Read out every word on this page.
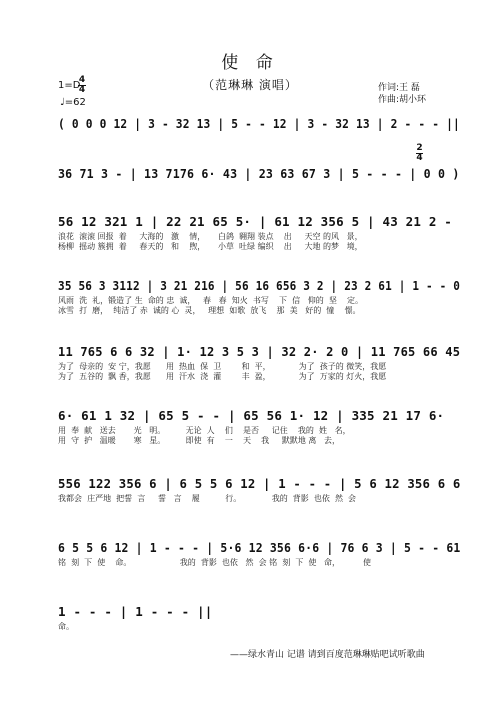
使 命
（范琳琳 演唱）
1=D
4
4
♩=62
作词:王 磊
作曲:胡小环
( 0 0 0 12 | 3 - 32 13 | 5 - - 12 | 3 - 32 13 | 2 - - - ||
2
4
36 71 3 - | 13 7176 6· 43 | 23 63 67 3 | 5 - - - | 0 0 )
56 12 321 1 | 22 21 65 5· | 61 12 356 5 | 43 21 2 -
浪花  滚滚 回报  着     大海的   激    情，     白鸽  翱翔 装点    出     天空 的风   景，
杨柳  摇动 簇拥  着     春天的   和    煦，     小草  吐绿 编织    出     大地 的梦   境，
35 56 3 3112 | 3 21 216 | 56 16 656 3 2 | 23 2 61 | 1 - - 0
风雨  洗  礼，锻造了 生  命的 忠  诚，   春   春  知火  书写    下  信   仰的  坚    定。
冰雪  打  磨，  纯洁了 赤  诚的 心  灵，   理想  如歌  放飞    那  美   好的  憧    憬。
11 765 6 6 32 | 1· 12 3 5 3 | 32 2· 2 0 | 11 765 66 45
为了  母亲的  安 宁，我愿      用  热血  保  卫        和  平，           为了  孩子的 微笑，我愿
为了  五谷的  飘 香，我愿      用  汗水  浇  灌        丰  盈，           为了  万家的 灯火，我愿
6· 61 1 32 | 65 5 - - | 65 56 1· 12 | 335 21 17 6·
用  奉  献   送去       光   明。        无论  人    们    是否     记住    我的  姓   名，
用  守  护   温暖       寒   星。        即使  有    一    天    我     默默地 离   去，
556 122 356 6 | 6 5 5 6 12 | 1 - - - | 5 6 12 356 6 6
我都会  庄严地  把誓  言     誓   言    履          行。            我的  背影  也依  然  会
6 5 5 6 12 | 1 - - - | 5·6 12 356 6·6 | 76 6 3 | 5 - - 61
铭  刻  下  使    命。                   我的  背影  也依   然  会 铭  刻  下  使   命，         使
1 - - - | 1 - - - ||
命。
——绿水青山 记谱 请到百度范琳琳贴吧试听歌曲
